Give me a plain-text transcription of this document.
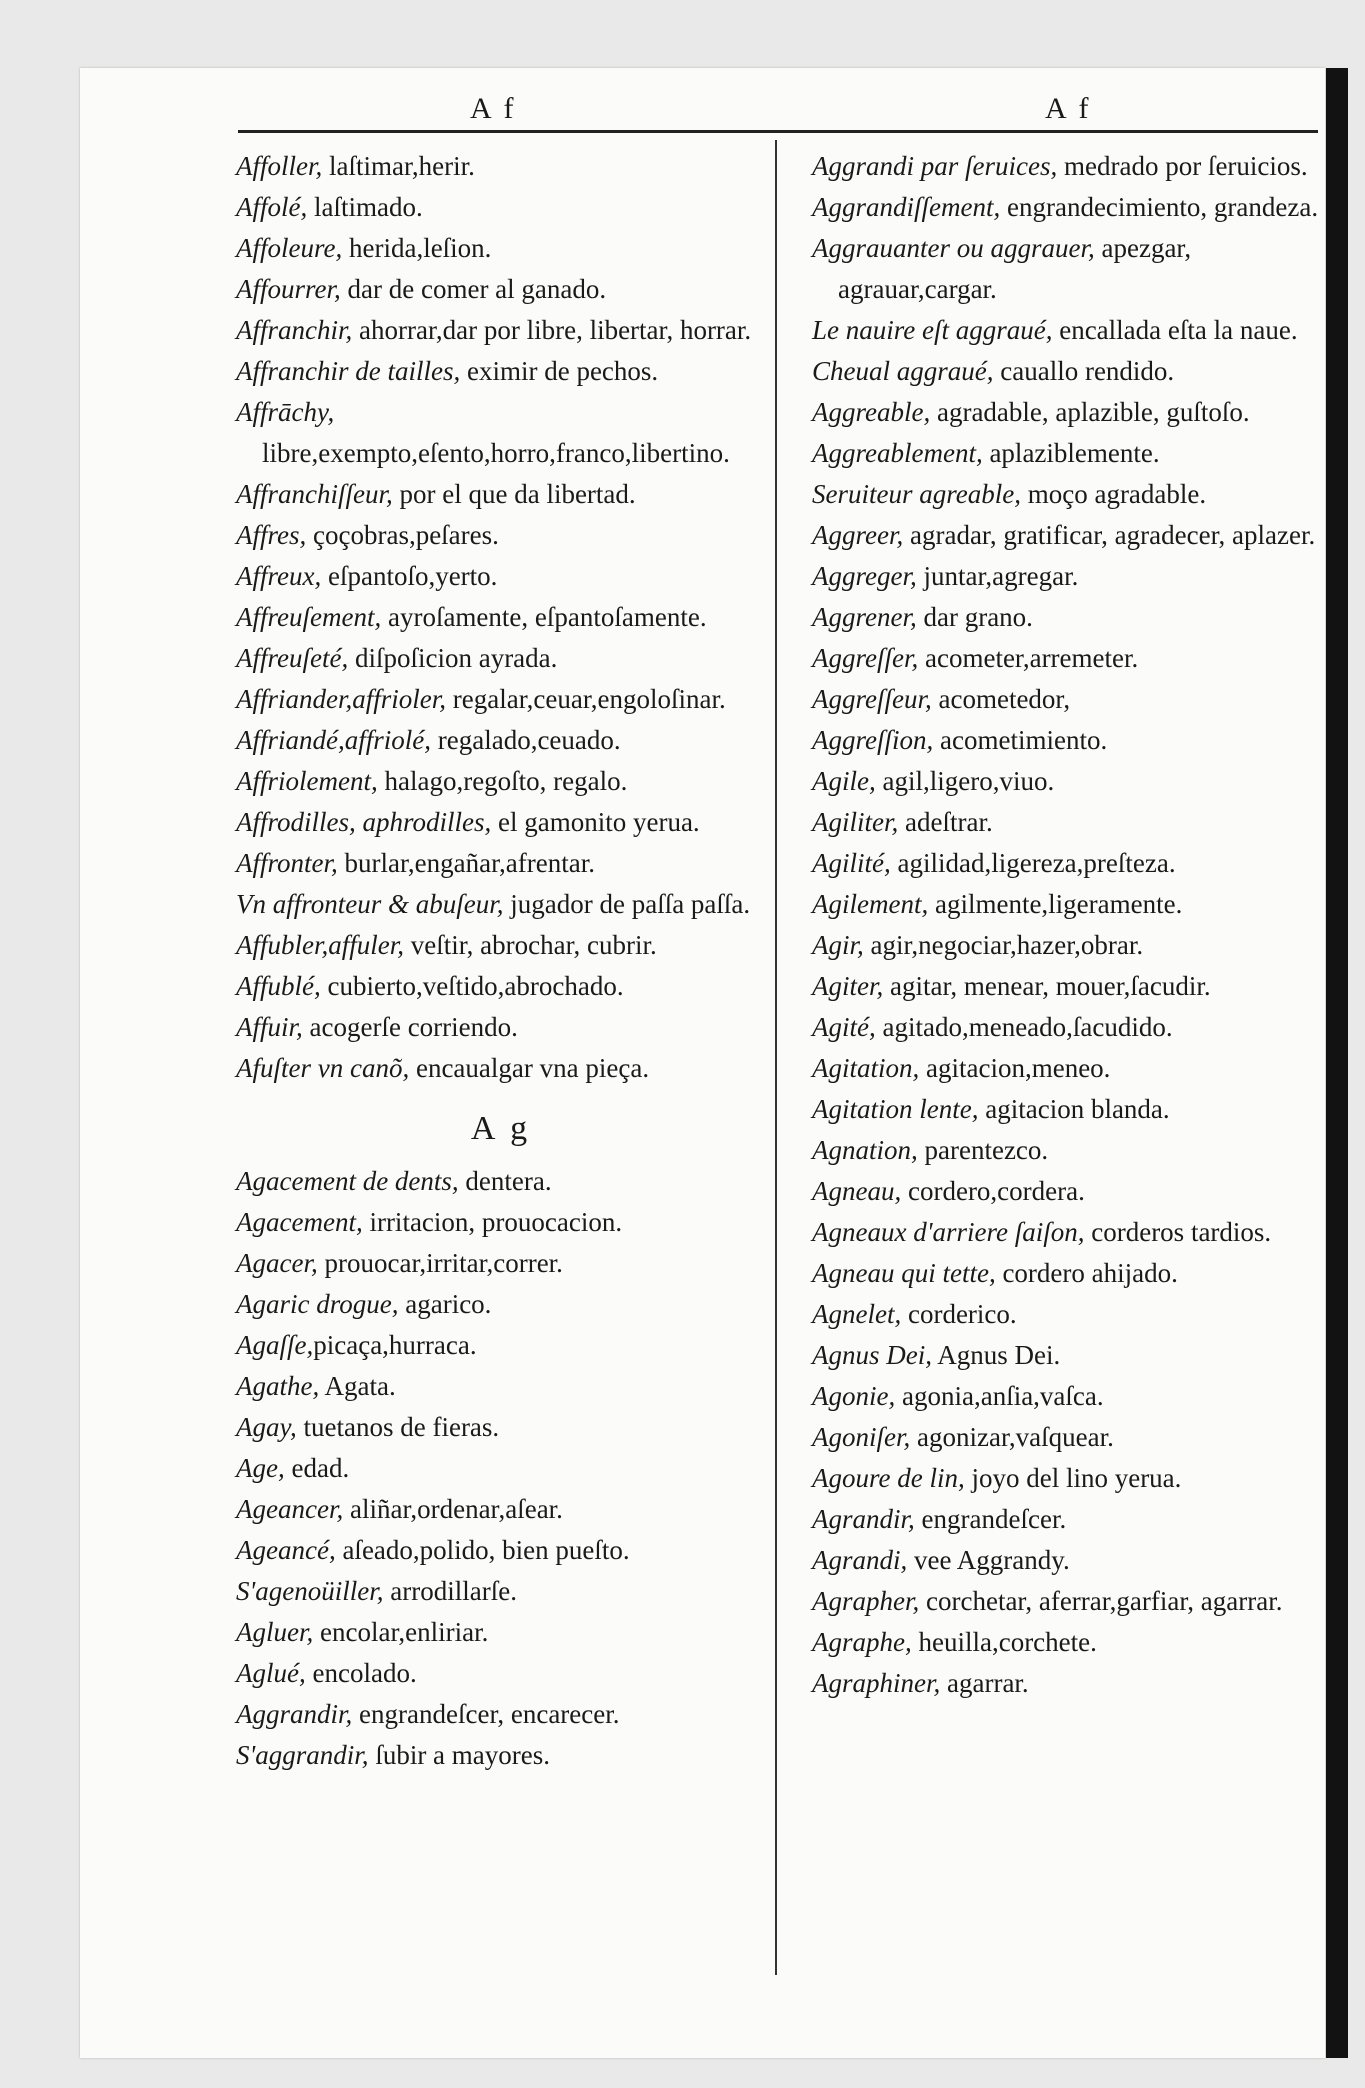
A f	A f
Affoller, laſtimar,herir.
Affolé, laſtimado.
Affoleure, herida,leſion.
Affourrer, dar de comer al ganado.
Affranchir, ahorrar,dar por libre, libertar, horrar.
Affranchir de tailles, eximir de pechos.
Affrāchy, libre,exempto,eſento,horro,franco,libertino.
Affranchiſſeur, por el que da libertad.
Affres, çoçobras,peſares.
Affreux, eſpantoſo,yerto.
Affreuſement, ayroſamente, eſpantoſamente.
Affreuſeté, diſpoſicion ayrada.
Affriander,affrioler, regalar,ceuar,engoloſinar.
Affriandé,affriolé, regalado,ceuado.
Affriolement, halago,regoſto, regalo.
Affrodilles, aphrodilles, el gamonito yerua.
Affronter, burlar,engañar,afrentar.
Vn affronteur & abuſeur, jugador de paſſa paſſa.
Affubler,affuler, veſtir, abrochar, cubrir.
Affublé, cubierto,veſtido,abrochado.
Affuir, acogerſe corriendo.
Afuſter vn canõ, encaualgar vna pieça.
A g
Agacement de dents, dentera.
Agacement, irritacion, prouocacion.
Agacer, prouocar,irritar,correr.
Agaric drogue, agarico.
Agaſſe,picaça,hurraca.
Agathe, Agata.
Agay, tuetanos de fieras.
Age, edad.
Ageancer, aliñar,ordenar,aſear.
Ageancé, aſeado,polido, bien pueſto.
S'agenoüiller, arrodillarſe.
Agluer, encolar,enliriar.
Aglué, encolado.
Aggrandir, engrandeſcer, encarecer.
S'aggrandir, ſubir a mayores.
Aggrandi par ſeruices, medrado por ſeruicios.
Aggrandiſſement, engrandecimiento, grandeza.
Aggrauanter ou aggrauer, apezgar, agrauar,cargar.
Le nauire eſt aggraué, encallada eſta la naue.
Cheual aggraué, cauallo rendido.
Aggreable, agradable, aplazible, guſtoſo.
Aggreablement, aplaziblemente.
Seruiteur agreable, moço agradable.
Aggreer, agradar, gratificar, agradecer, aplazer.
Aggreger, juntar,agregar.
Aggrener, dar grano.
Aggreſſer, acometer,arremeter.
Aggreſſeur, acometedor,
Aggreſſion, acometimiento.
Agile, agil,ligero,viuo.
Agiliter, adeſtrar.
Agilité, agilidad,ligereza,preſteza.
Agilement, agilmente,ligeramente.
Agir, agir,negociar,hazer,obrar.
Agiter, agitar, menear, mouer,ſacudir.
Agité, agitado,meneado,ſacudido.
Agitation, agitacion,meneo.
Agitation lente, agitacion blanda.
Agnation, parentezco.
Agneau, cordero,cordera.
Agneaux d'arriere ſaiſon, corderos tardios.
Agneau qui tette, cordero ahijado.
Agnelet, corderico.
Agnus Dei, Agnus Dei.
Agonie, agonia,anſia,vaſca.
Agoniſer, agonizar,vaſquear.
Agoure de lin, joyo del lino yerua.
Agrandir, engrandeſcer.
Agrandi, vee Aggrandy.
Agrapher, corchetar, aferrar,garfiar, agarrar.
Agraphe, heuilla,corchete.
Agraphiner, agarrar.
